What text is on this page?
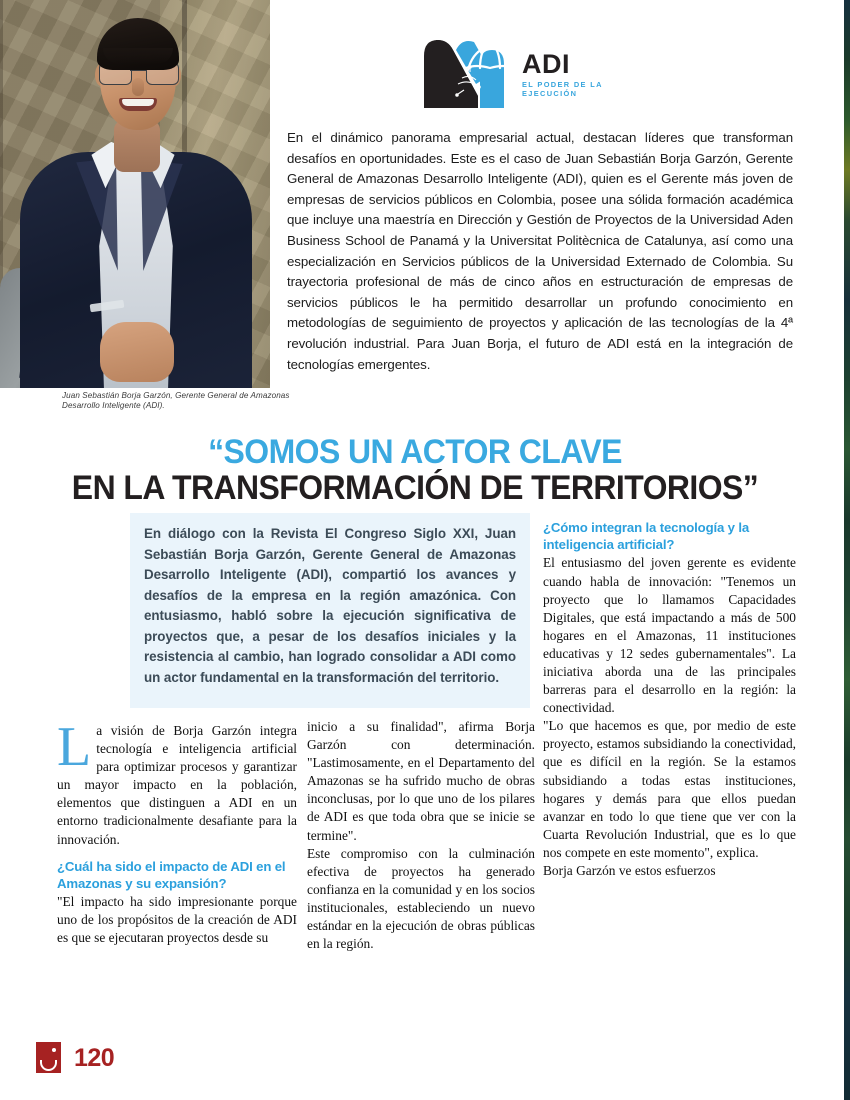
Juan Sebastián Borja Garzón, Gerente General de Amazonas Desarrollo Inteligente (ADI).
ADI
EL PODER DE LA EJECUCIÓN
En el dinámico panorama empresarial actual, destacan líderes que transforman desafíos en oportunidades. Este es el caso de Juan Sebastián Borja Garzón, Gerente General de Amazonas Desarrollo Inteligente (ADI), quien es el Gerente más joven de empresas de servicios públicos en Colombia, posee una sólida formación académica que incluye una maestría en Dirección y Gestión de Proyectos de la Universidad Aden Business School de Panamá y la Universitat Politècnica de Catalunya, así como una especialización en Servicios públicos de la Universidad Externado de Colombia. Su trayectoria profesional de más de cinco años en estructuración de empresas de servicios públicos le ha permitido desarrollar un profundo conocimiento en metodologías de seguimiento de proyectos y aplicación de las tecnologías de la 4ª revolución industrial. Para Juan Borja, el futuro de ADI está en la integración de tecnologías emergentes.
“SOMOS UN ACTOR CLAVE
EN LA TRANSFORMACIÓN DE TERRITORIOS”

En diálogo con la Revista El Congreso Siglo XXI, Juan Sebastián Borja Garzón, Gerente General de Amazonas Desarrollo Inteligente (ADI), compartió los avances y desafíos de la empresa en la región amazónica. Con entusiasmo, habló sobre la ejecución significativa de proyectos que, a pesar de los desafíos iniciales y la resistencia al cambio, han logrado consolidar a ADI como un actor fundamental en la transformación del territorio.

La visión de Borja Garzón integra tecnología e inteligencia artificial para optimizar procesos y garantizar un mayor impacto en la población, elementos que distinguen a ADI en un entorno tradicionalmente desafiante para la innovación.

¿Cuál ha sido el impacto de ADI en el Amazonas y su expansión?

"El impacto ha sido impresionante porque uno de los propósitos de la creación de ADI es que se ejecutaran proyectos desde su

inicio a su finalidad", afirma Borja Garzón con determinación. "Lastimosamente, en el Departamento del Amazonas se ha sufrido mucho de obras inconclusas, por lo que uno de los pilares de ADI es que toda obra que se inicie se termine".

Este compromiso con la culminación efectiva de proyectos ha generado confianza en la comunidad y en los socios institucionales, estableciendo un nuevo estándar en la ejecución de obras públicas en la región.

¿Cómo integran la tecnología y la inteligencia artificial?

El entusiasmo del joven gerente es evidente cuando habla de innovación: "Tenemos un proyecto que lo llamamos Capacidades Digitales, que está impactando a más de 500 hogares en el Amazonas, 11 instituciones educativas y 12 sedes gubernamentales". La iniciativa aborda una de las principales barreras para el desarrollo en la región: la conectividad.

"Lo que hacemos es que, por medio de este proyecto, estamos subsidiando la conectividad, que es difícil en la región. Se la estamos subsidiando a todas estas instituciones, hogares y demás para que ellos puedan avanzar en todo lo que tiene que ver con la Cuarta Revolución Industrial, que es lo que nos compete en este momento", explica.

Borja Garzón ve estos esfuerzos

120
